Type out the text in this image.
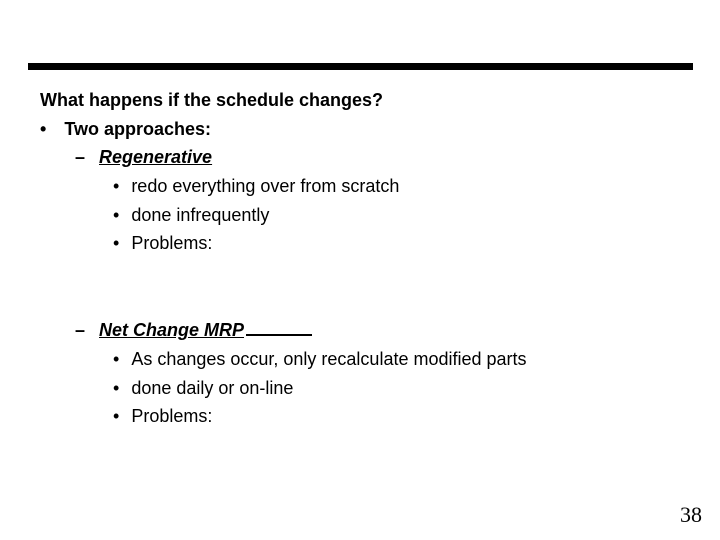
What happens if the schedule changes?
• Two approaches:
– Regenerative
• redo everything over from scratch
• done infrequently
• Problems:
– Net Change MRP
• As changes occur, only recalculate modified parts
• done daily or on-line
• Problems:
38
